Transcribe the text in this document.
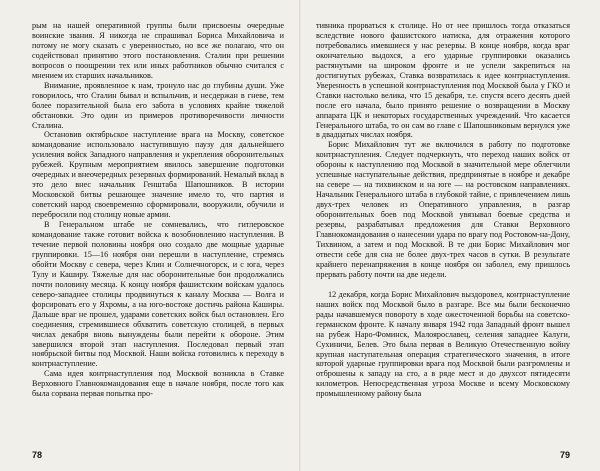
рым на нашей оперативной группы были присвоены очередные воинские звания. Я никогда не спрашивал Бориса Михайловича и потому не могу сказать с уверенностью, но все же полагаю, что он содействовал принятию этого постановления. Сталин при решении вопросов о поощрении тех или иных работников обычно считался с мнением их старших начальников.

Внимание, проявленное к нам, тронуло нас до глубины души. Уже говорилось, что Сталин бывал и вспыльчив, и несдержан в гневе, тем более поразительной была его забота в условиях крайне тяжелой обстановки. Это один из примеров противоречивости личности Сталина.

Остановив октябрьское наступление врага на Москву, советское командование использовало наступившую паузу для дальнейшего усиления войск Западного направления и укрепления оборонительных рубежей. Крупным мероприятием явилось завершение подготовки очередных и внеочередных резервных формирований. Немалый вклад в это дело внес начальник Генштаба Шапошников. В истории Московской битвы решающее значение имело то, что партия и советский народ своевременно сформировали, вооружили, обучили и перебросили под столицу новые армии.

В Генеральном штабе не сомневались, что гитлеровское командование также готовит войска к возобновлению наступления. В течение первой половины ноября оно создало две мощные ударные группировки. 15—16 ноября они перешли в наступление, стремясь обойти Москву с севера, через Клин и Солнечногорск, и с юга, через Тулу и Каширу. Тяжелые для нас оборонительные бои продолжались почти половину месяца. К концу ноября фашистским войскам удалось северо-западнее столицы продвинуться к каналу Москва — Волга и форсировать его у Яхромы, а на юго-востоке достичь района Каширы. Дальше враг не прошел, ударами советских войск был остановлен. Его соединения, стремившиеся обхватить советскую столицей, в первых числах декабря вновь вынуждены были перейти к обороне. Этим завершился второй этап наступления. Последовал первый этап ноябрьской битвы под Москвой. Наши войска готовились к переходу в контрнаступление.

Сама идея контрнаступления под Москвой возникла в Ставке Верховного Главнокомандования еще в начале ноября, после того как была сорвана первая попытка про-

78

тивника прорваться к столице. Но от нее пришлось тогда отказаться вследствие нового фашистского натиска, для отражения которого потребовались имевшиеся у нас резервы. В конце ноября, когда враг окончательно выдохся, а его ударные группировки оказались растянутыми на широком фронте и не успели закрепиться на достигнутых рубежах, Ставка возвратилась к идее контрнаступления. Уверенность в успешной контрнаступления под Москвой была у ГКО и Ставки настолько велика, что 15 декабря, т.е. спустя всего десять дней после его начала, было принято решение о возвращении в Москву аппарата ЦК и некоторых государственных учреждений. Что касается Генерального штаба, то он сам во главе с Шапошниковым вернулся уже в двадцатых числах ноября.

Борис Михайлович тут же включился в работу по подготовке контрнаступления. Следует подчеркнуть, что переход наших войск от обороны к наступлению под Москвой в значительной мере облегчили успешные наступательные действия, предпринятые в ноябре и декабре на севере — на тихвинском и на юге — на ростовском направлениях. Начальник Генерального штаба в глубокой тайне, с привлечением лишь двух-трех человек из Оперативного управления, в разгар оборонительных боев под Москвой увязывал боевые средства и резервы, разрабатывал предложения для Ставки Верховного Главнокомандования о нанесении удара по врагу под Ростовом-на-Дону, Тихвином, а затем и под Москвой. В те дни Борис Михайлович мог отвести себе для сна не более двух-трех часов в сутки. В результате крайнего перенапряжения в конце ноября он заболел, ему пришлось прервать работу почти на две недели.

12 декабря, когда Борис Михайлович выздоровел, контрнаступление наших войск под Москвой было в разгаре. Все мы были бесконечно рады начавшемуся повороту в ходе ожесточенной борьбы на советско-германском фронте. К началу января 1942 года Западный фронт вышел на рубеж Наро-Фоминск, Малоярославец, селения западнее Калуги, Сухиничи, Белев. Это была первая в Великую Отечественную войну крупная наступательная операция стратегического значения, в итоге которой ударные группировки врага под Москвой были разгромлены и отброшены к западу на сто, а в ряде мест и до двухсот пятидесяти километров. Непосредственная угроза Москве и всему Московскому промышленному району была

79
